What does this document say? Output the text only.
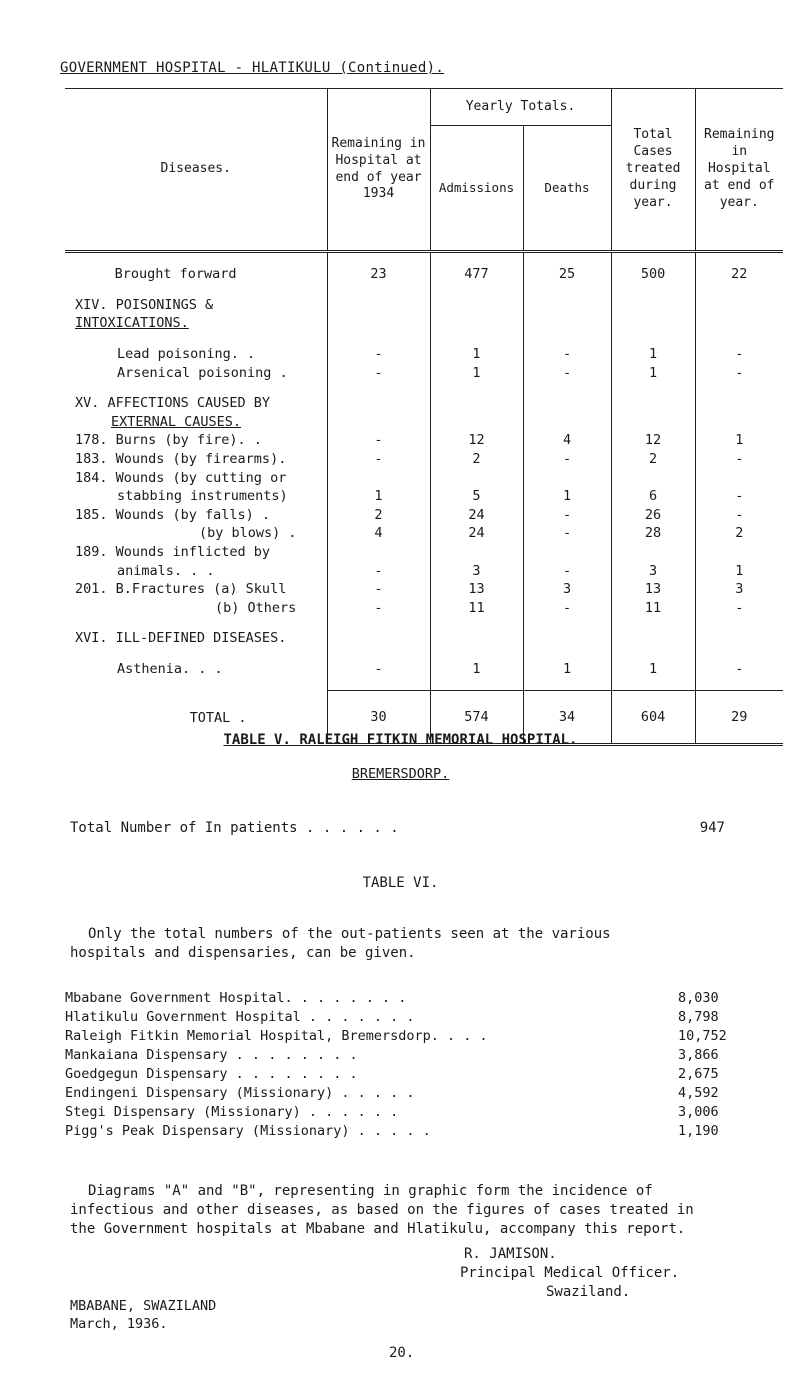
GOVERNMENT HOSPITAL - HLATIKULU (Continued).
Diseases.	Remaining in Hospital at end of year 1934	Yearly Totals.		Total Cases treated during year.	Remaining in Hospital at end of year.
		Admissions	Deaths		

Brought forward	23	477	25	500	22

XIV. POISONINGS &					
INTOXICATIONS.					

Lead poisoning. .	-	1	-	1	-
Arsenical poisoning .	-	1	-	1	-

XV. AFFECTIONS CAUSED BY					
EXTERNAL CAUSES.					
178. Burns (by fire). .	-	12	4	12	1
183. Wounds (by firearms).	-	2	-	2	-
184. Wounds (by cutting or					
stabbing instruments)	1	5	1	6	-
185. Wounds (by falls) .	2	24	-	26	-
(by blows) .	4	24	-	28	2
189. Wounds inflicted by					
animals. . .	-	3	-	3	1
201. B.Fractures (a) Skull	-	13	3	13	3
(b) Others	-	11	-	11	-

XVI. ILL-DEFINED DISEASES.					

Asthenia. . .	-	1	1	1	-

TOTAL .	30	574	34	604	29
TABLE V. RALEIGH FITKIN MEMORIAL HOSPITAL.
BREMERSDORP.
Total Number of In patients . . . . . .	947
TABLE VI.
Only the total numbers of the out-patients seen at the various
hospitals and dispensaries, can be given.
Mbabane Government Hospital. . . . . . . .	8,030
Hlatikulu Government Hospital . . . . . . .	8,798
Raleigh Fitkin Memorial Hospital, Bremersdorp. . . .	10,752
Mankaiana Dispensary . . . . . . . .	3,866
Goedgegun Dispensary . . . . . . . .	2,675
Endingeni Dispensary (Missionary) . . . . .	4,592
Stegi Dispensary (Missionary) . . . . . .	3,006
Pigg's Peak Dispensary (Missionary) . . . . .	1,190
Diagrams "A" and "B", representing in graphic form the incidence of
infectious and other diseases, as based on the figures of cases treated in
the Government hospitals at Mbabane and Hlatikulu, accompany this report.
R. JAMISON.
Principal Medical Officer.
Swaziland.
MBABANE, SWAZILAND
March, 1936.
20.
